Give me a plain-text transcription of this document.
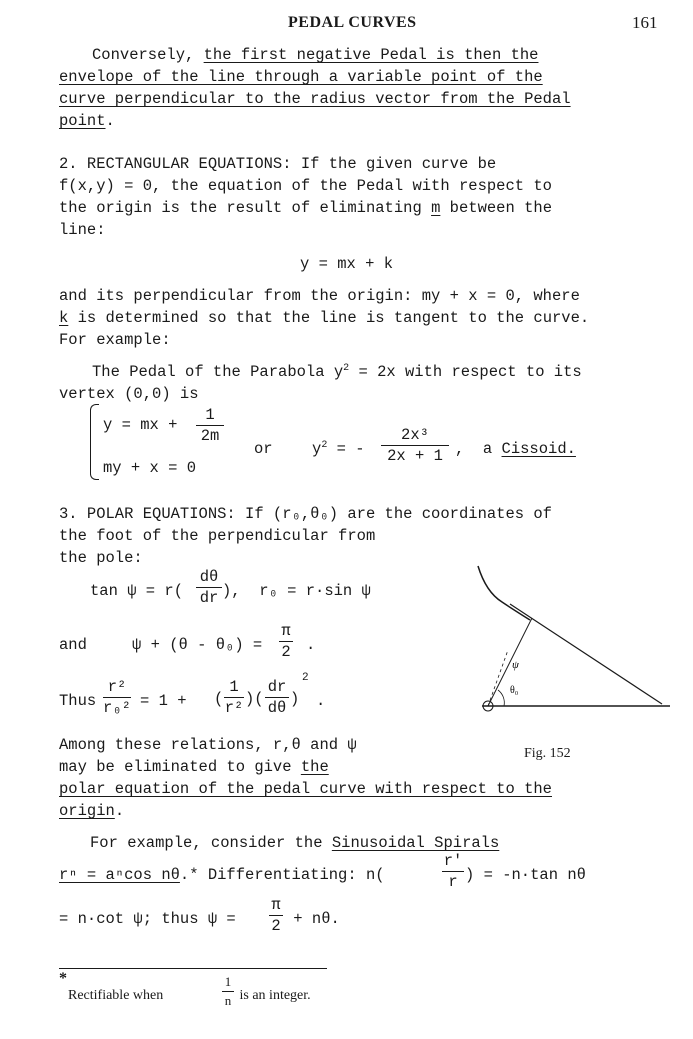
PEDAL CURVES	161
Conversely, the first negative Pedal is then the
envelope of the line through a variable point of the
curve perpendicular to the radius vector from the Pedal
point.
2. RECTANGULAR EQUATIONS: If the given curve be
f(x,y) = 0, the equation of the Pedal with respect to
the origin is the result of eliminating m between the
line:
y = mx + k
and its perpendicular from the origin: my + x = 0, where
k is determined so that the line is tangent to the curve.
For example:
The Pedal of the Parabola $y^2 = 2x$ with respect to its
vertex (0,0) is
y = mx +
1
2m
my + x = 0
or	$y^2$ = -
2x³
2x + 1 ,  a Cissoid.
3. POLAR EQUATIONS: If (r₀,θ₀) are the coordinates of
the foot of the perpendicular from
the pole:
tan ψ = r(
dθ
dr ),  r₀ = r·sin ψ
and	ψ + (θ - θ₀) =
π
2 .
Thus
r²
r₀² = 1 + (
1
r² )(
dr
dθ )
2
.
ψ
θ₀
Fig. 152
Among these relations, r,θ and ψ
may be eliminated to give the
polar equation of the pedal curve with respect to the
origin.
For example, consider the Sinusoidal Spirals
rⁿ = aⁿcos nθ.* Differentiating: n(
r'
r ) = -n·tan nθ
= n·cot ψ; thus ψ =
π
2 + nθ.
*
Rectifiable when
1
n is an integer.
